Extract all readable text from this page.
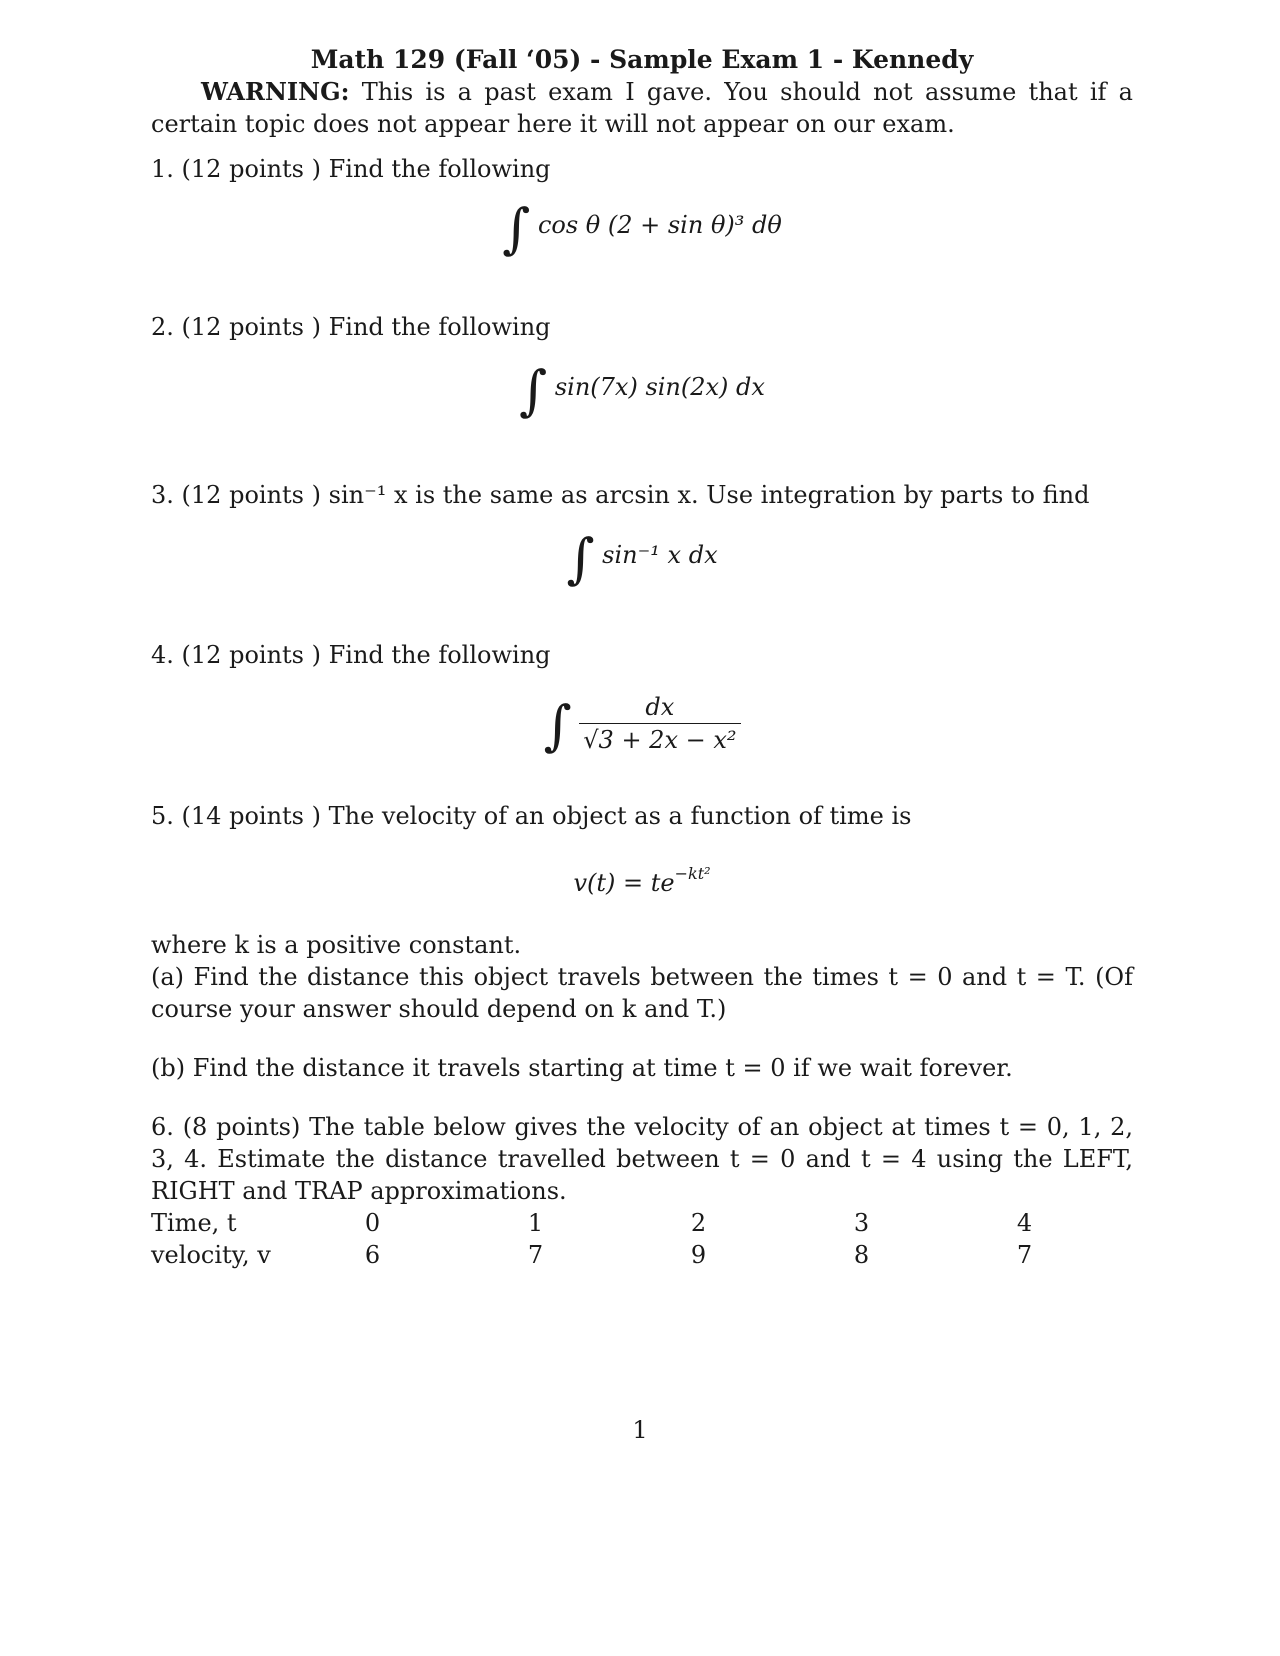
Math 129 (Fall ‘05) - Sample Exam 1 - Kennedy

WARNING: This is a past exam I gave. You should not assume that if a certain topic does not appear here it will not appear on our exam.

1. (12 points ) Find the following

∫ cos θ (2 + sin θ)³ dθ

2. (12 points ) Find the following

∫ sin(7x) sin(2x) dx

3. (12 points ) sin⁻¹ x is the same as arcsin x. Use integration by parts to find

∫ sin⁻¹ x dx

4. (12 points ) Find the following

∫ $\frac{dx}{\text{√3 + 2x − x²}}$

5. (14 points ) The velocity of an object as a function of time is

$v(t) = te^{-kt^2}$

where k is a positive constant.

(a) Find the distance this object travels between the times t = 0 and t = T. (Of course your answer should depend on k and T.)

(b) Find the distance it travels starting at time t = 0 if we wait forever.

6. (8 points) The table below gives the velocity of an object at times t = 0, 1, 2, 3, 4. Estimate the distance travelled between t = 0 and t = 4 using the LEFT, RIGHT and TRAP approximations.

Time, t	0	1	2	3	4
velocity, v	6	7	9	8	7
1
